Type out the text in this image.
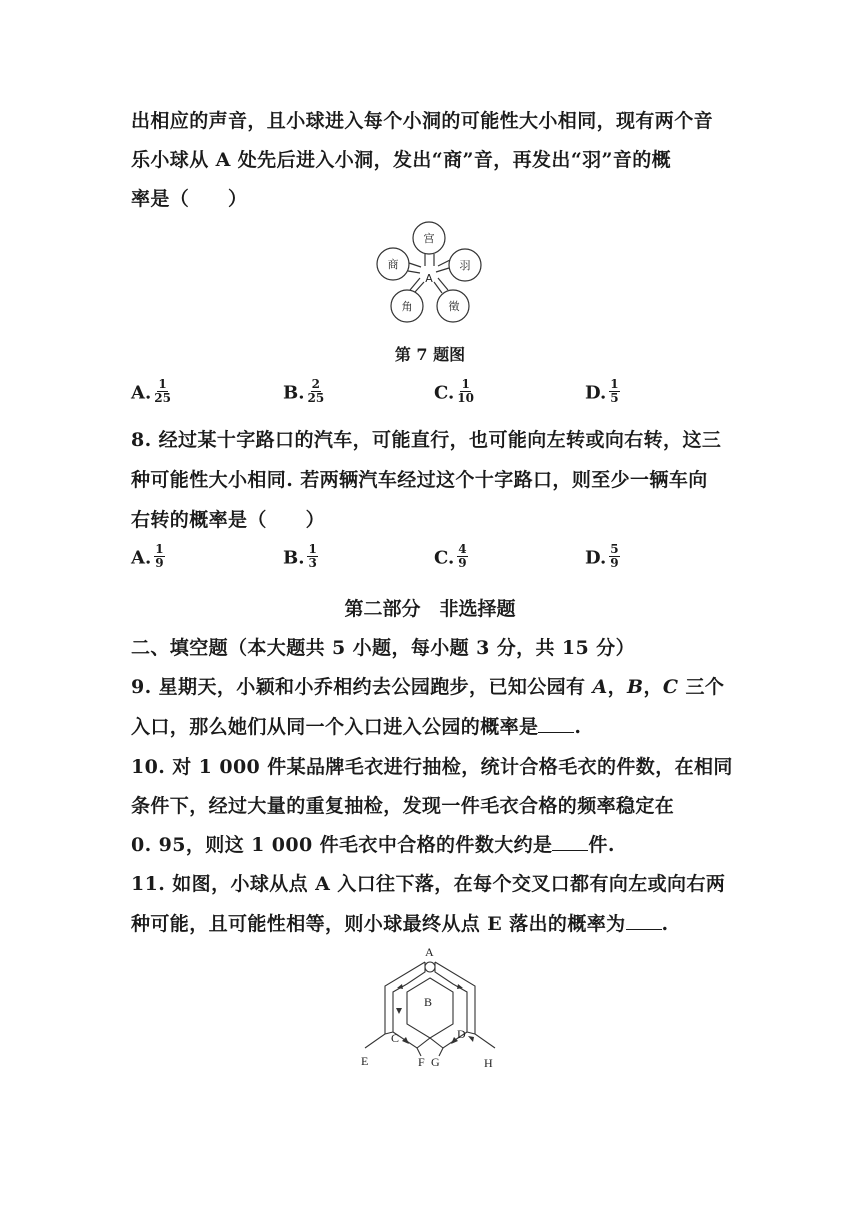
出相应的声音，且小球进入每个小洞的可能性大小相同，现有两个音
乐小球从 A 处先后进入小洞，发出“商”音，再发出“羽”音的概
率是（　　）
A
宫
羽
徵
角
商
第 7 题图
A. $\frac{1}{25}$	B. $\frac{2}{25}$	C. $\frac{1}{10}$	D. $\frac{1}{5}$
8. 经过某十字路口的汽车，可能直行，也可能向左转或向右转，这三
种可能性大小相同. 若两辆汽车经过这个十字路口，则至少一辆车向
右转的概率是（　　）
A. $\frac{1}{9}$	B. $\frac{1}{3}$	C. $\frac{4}{9}$	D. $\frac{5}{9}$
第二部分　非选择题
二、填空题（本大题共 5 小题，每小题 3 分，共 15 分）
9. 星期天，小颖和小乔相约去公园跑步，已知公园有 A，B，C 三个
入口，那么她们从同一个入口进入公园的概率是 .
10. 对 1 000 件某品牌毛衣进行抽检，统计合格毛衣的件数，在相同
条件下，经过大量的重复抽检，发现一件毛衣合格的频率稳定在
0. 95，则这 1 000 件毛衣中合格的件数大约是 件.
11. 如图，小球从点 A 入口往下落，在每个交叉口都有向左或向右两
种可能，且可能性相等，则小球最终从点 E 落出的概率为 .
A
B
C	D
E	F G	H
